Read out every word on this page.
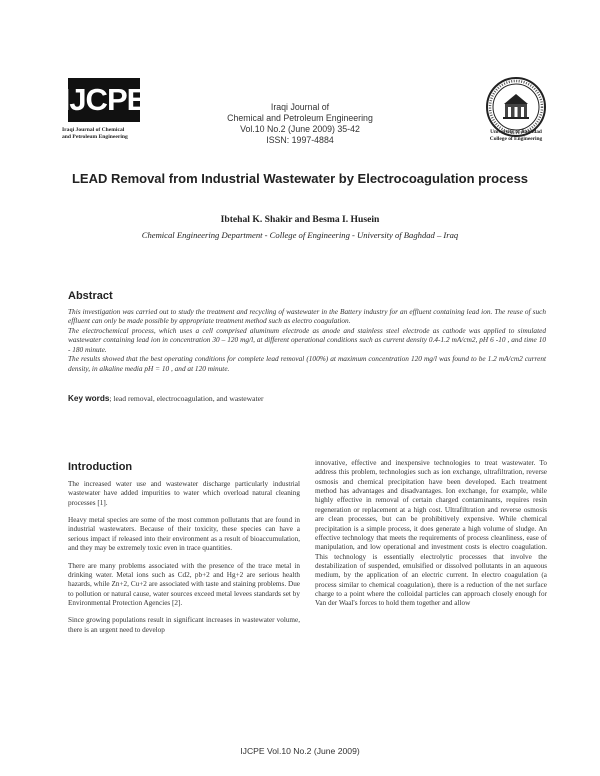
IJCPE
Iraqi Journal of Chemical
and Petroleum Engineering
Iraqi Journal of
Chemical and Petroleum Engineering
Vol.10 No.2 (June 2009) 35-42
ISSN: 1997-4884
University of Baghdad
College of Engineering
LEAD Removal from Industrial Wastewater by Electrocoagulation process
Ibtehal K. Shakir and Besma I. Husein
Chemical Engineering Department - College of Engineering - University of Baghdad – Iraq
Abstract

This investigation was carried out to study the treatment and recycling of wastewater in the Battery industry for an effluent containing lead ion. The reuse of such effluent can only be made possible by appropriate treatment method such as electro coagulation.

The electrochemical process, which uses a cell comprised aluminum electrode as anode and stainless steel electrode as cathode was applied to simulated wastewater containing lead ion in concentration 30 – 120 mg/l, at different operational conditions such as current density 0.4-1.2 mA/cm2, pH 6 -10 , and time 10 - 180 minute.

The results showed that the best operating conditions for complete lead removal (100%) at maximum concentration 120 mg/l was found to be 1.2 mA/cm2 current density, in alkaline media pH = 10 , and at 120 minute.

Key words; lead removal, electrocoagulation, and wastewater
Introduction

The increased water use and wastewater discharge particularly industrial wastewater have added impurities to water which overload natural cleaning processes [1].

Heavy metal species are some of the most common pollutants that are found in industrial wastewaters. Because of their toxicity, these species can have a serious impact if released into their environment as a result of bioaccumulation, and they may be extremely toxic even in trace quantities.

There are many problems associated with the presence of the trace metal in drinking water. Metal ions such as Cd2, pb+2 and Hg+2 are serious health hazards, while Zn+2, Cu+2 are associated with taste and staining problems. Due to pollution or natural cause, water sources exceed metal levees standards set by Environmental Protection Agencies [2].

Since growing populations result in significant increases in wastewater volume, there is an urgent need to develop

innovative, effective and inexpensive technologies to treat wastewater. To address this problem, technologies such as ion exchange, ultrafiltration, reverse osmosis and chemical precipitation have been developed. Each treatment method has advantages and disadvantages. Ion exchange, for example, while highly effective in removal of certain charged contaminants, requires resin regeneration or replacement at a high cost. Ultrafiltration and reverse osmosis are clean processes, but can be prohibitively expensive. While chemical precipitation is a simple process, it does generate a high volume of sludge. An effective technology that meets the requirements of process cleanliness, ease of manipulation, and low operational and investment costs is electro coagulation. This technology is essentially electrolytic processes that involve the destabilization of suspended, emulsified or dissolved pollutants in an aqueous medium, by the application of an electric current. In electro coagulation (a process similar to chemical coagulation), there is a reduction of the net surface charge to a point where the colloidal particles can approach closely enough for Van der Waal's forces to hold them together and allow

IJCPE Vol.10 No.2 (June 2009)
